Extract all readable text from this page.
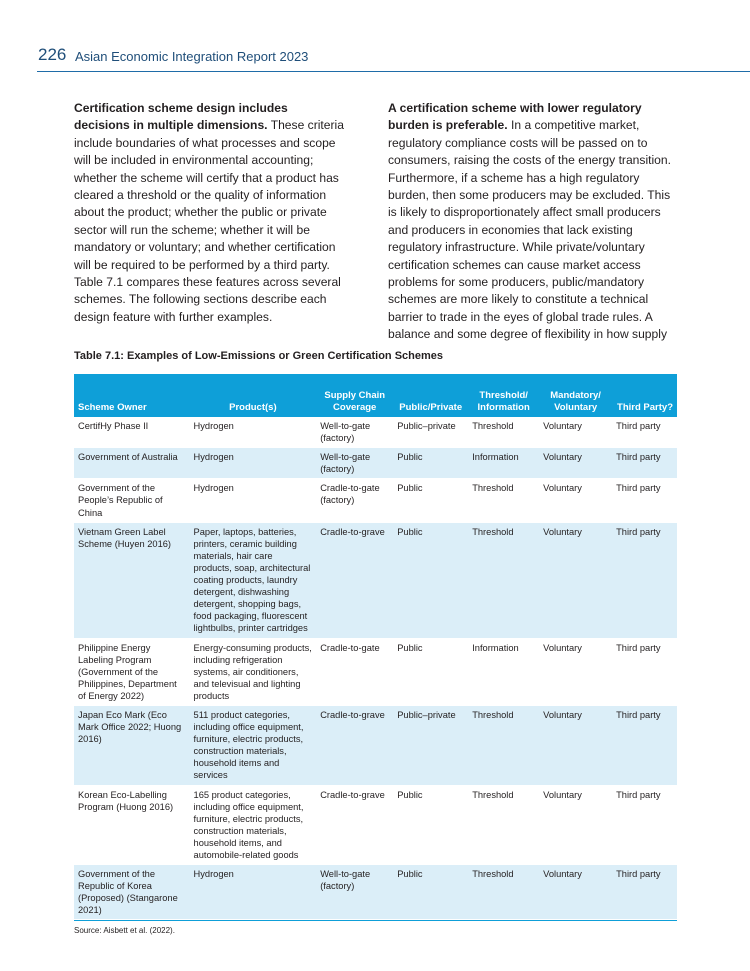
226 Asian Economic Integration Report 2023
Certification scheme design includes decisions in multiple dimensions. These criteria include boundaries of what processes and scope will be included in environmental accounting; whether the scheme will certify that a product has cleared a threshold or the quality of information about the product; whether the public or private sector will run the scheme; whether it will be mandatory or voluntary; and whether certification will be required to be performed by a third party. Table 7.1 compares these features across several schemes. The following sections describe each design feature with further examples.
A certification scheme with lower regulatory burden is preferable. In a competitive market, regulatory compliance costs will be passed on to consumers, raising the costs of the energy transition. Furthermore, if a scheme has a high regulatory burden, then some producers may be excluded. This is likely to disproportionately affect small producers and producers in economies that lack existing regulatory infrastructure. While private/voluntary certification schemes can cause market access problems for some producers, public/mandatory schemes are more likely to constitute a technical barrier to trade in the eyes of global trade rules. A balance and some degree of flexibility in how supply
Table 7.1: Examples of Low-Emissions or Green Certification Schemes
Scheme Owner	Product(s)	Supply Chain Coverage	Public/Private	Threshold/ Information	Mandatory/ Voluntary	Third Party?
CertifHy Phase II	Hydrogen	Well-to-gate (factory)	Public–private	Threshold	Voluntary	Third party
Government of Australia	Hydrogen	Well-to-gate (factory)	Public	Information	Voluntary	Third party
Government of the People’s Republic of China	Hydrogen	Cradle-to-gate (factory)	Public	Threshold	Voluntary	Third party
Vietnam Green Label Scheme (Huyen 2016)	Paper, laptops, batteries, printers, ceramic building materials, hair care products, soap, architectural coating products, laundry detergent, dishwashing detergent, shopping bags, food packaging, fluorescent lightbulbs, printer cartridges	Cradle-to-grave	Public	Threshold	Voluntary	Third party
Philippine Energy Labeling Program (Government of the Philippines, Department of Energy 2022)	Energy-consuming products, including refrigeration systems, air conditioners, and televisual and lighting products	Cradle-to-gate	Public	Information	Voluntary	Third party
Japan Eco Mark (Eco Mark Office 2022; Huong 2016)	511 product categories, including office equipment, furniture, electric products, construction materials, household items and services	Cradle-to-grave	Public–private	Threshold	Voluntary	Third party
Korean Eco-Labelling Program (Huong 2016)	165 product categories, including office equipment, furniture, electric products, construction materials, household items, and automobile-related goods	Cradle-to-grave	Public	Threshold	Voluntary	Third party
Government of the Republic of Korea (Proposed) (Stangarone 2021)	Hydrogen	Well-to-gate (factory)	Public	Threshold	Voluntary	Third party
Source: Aisbett et al. (2022).
